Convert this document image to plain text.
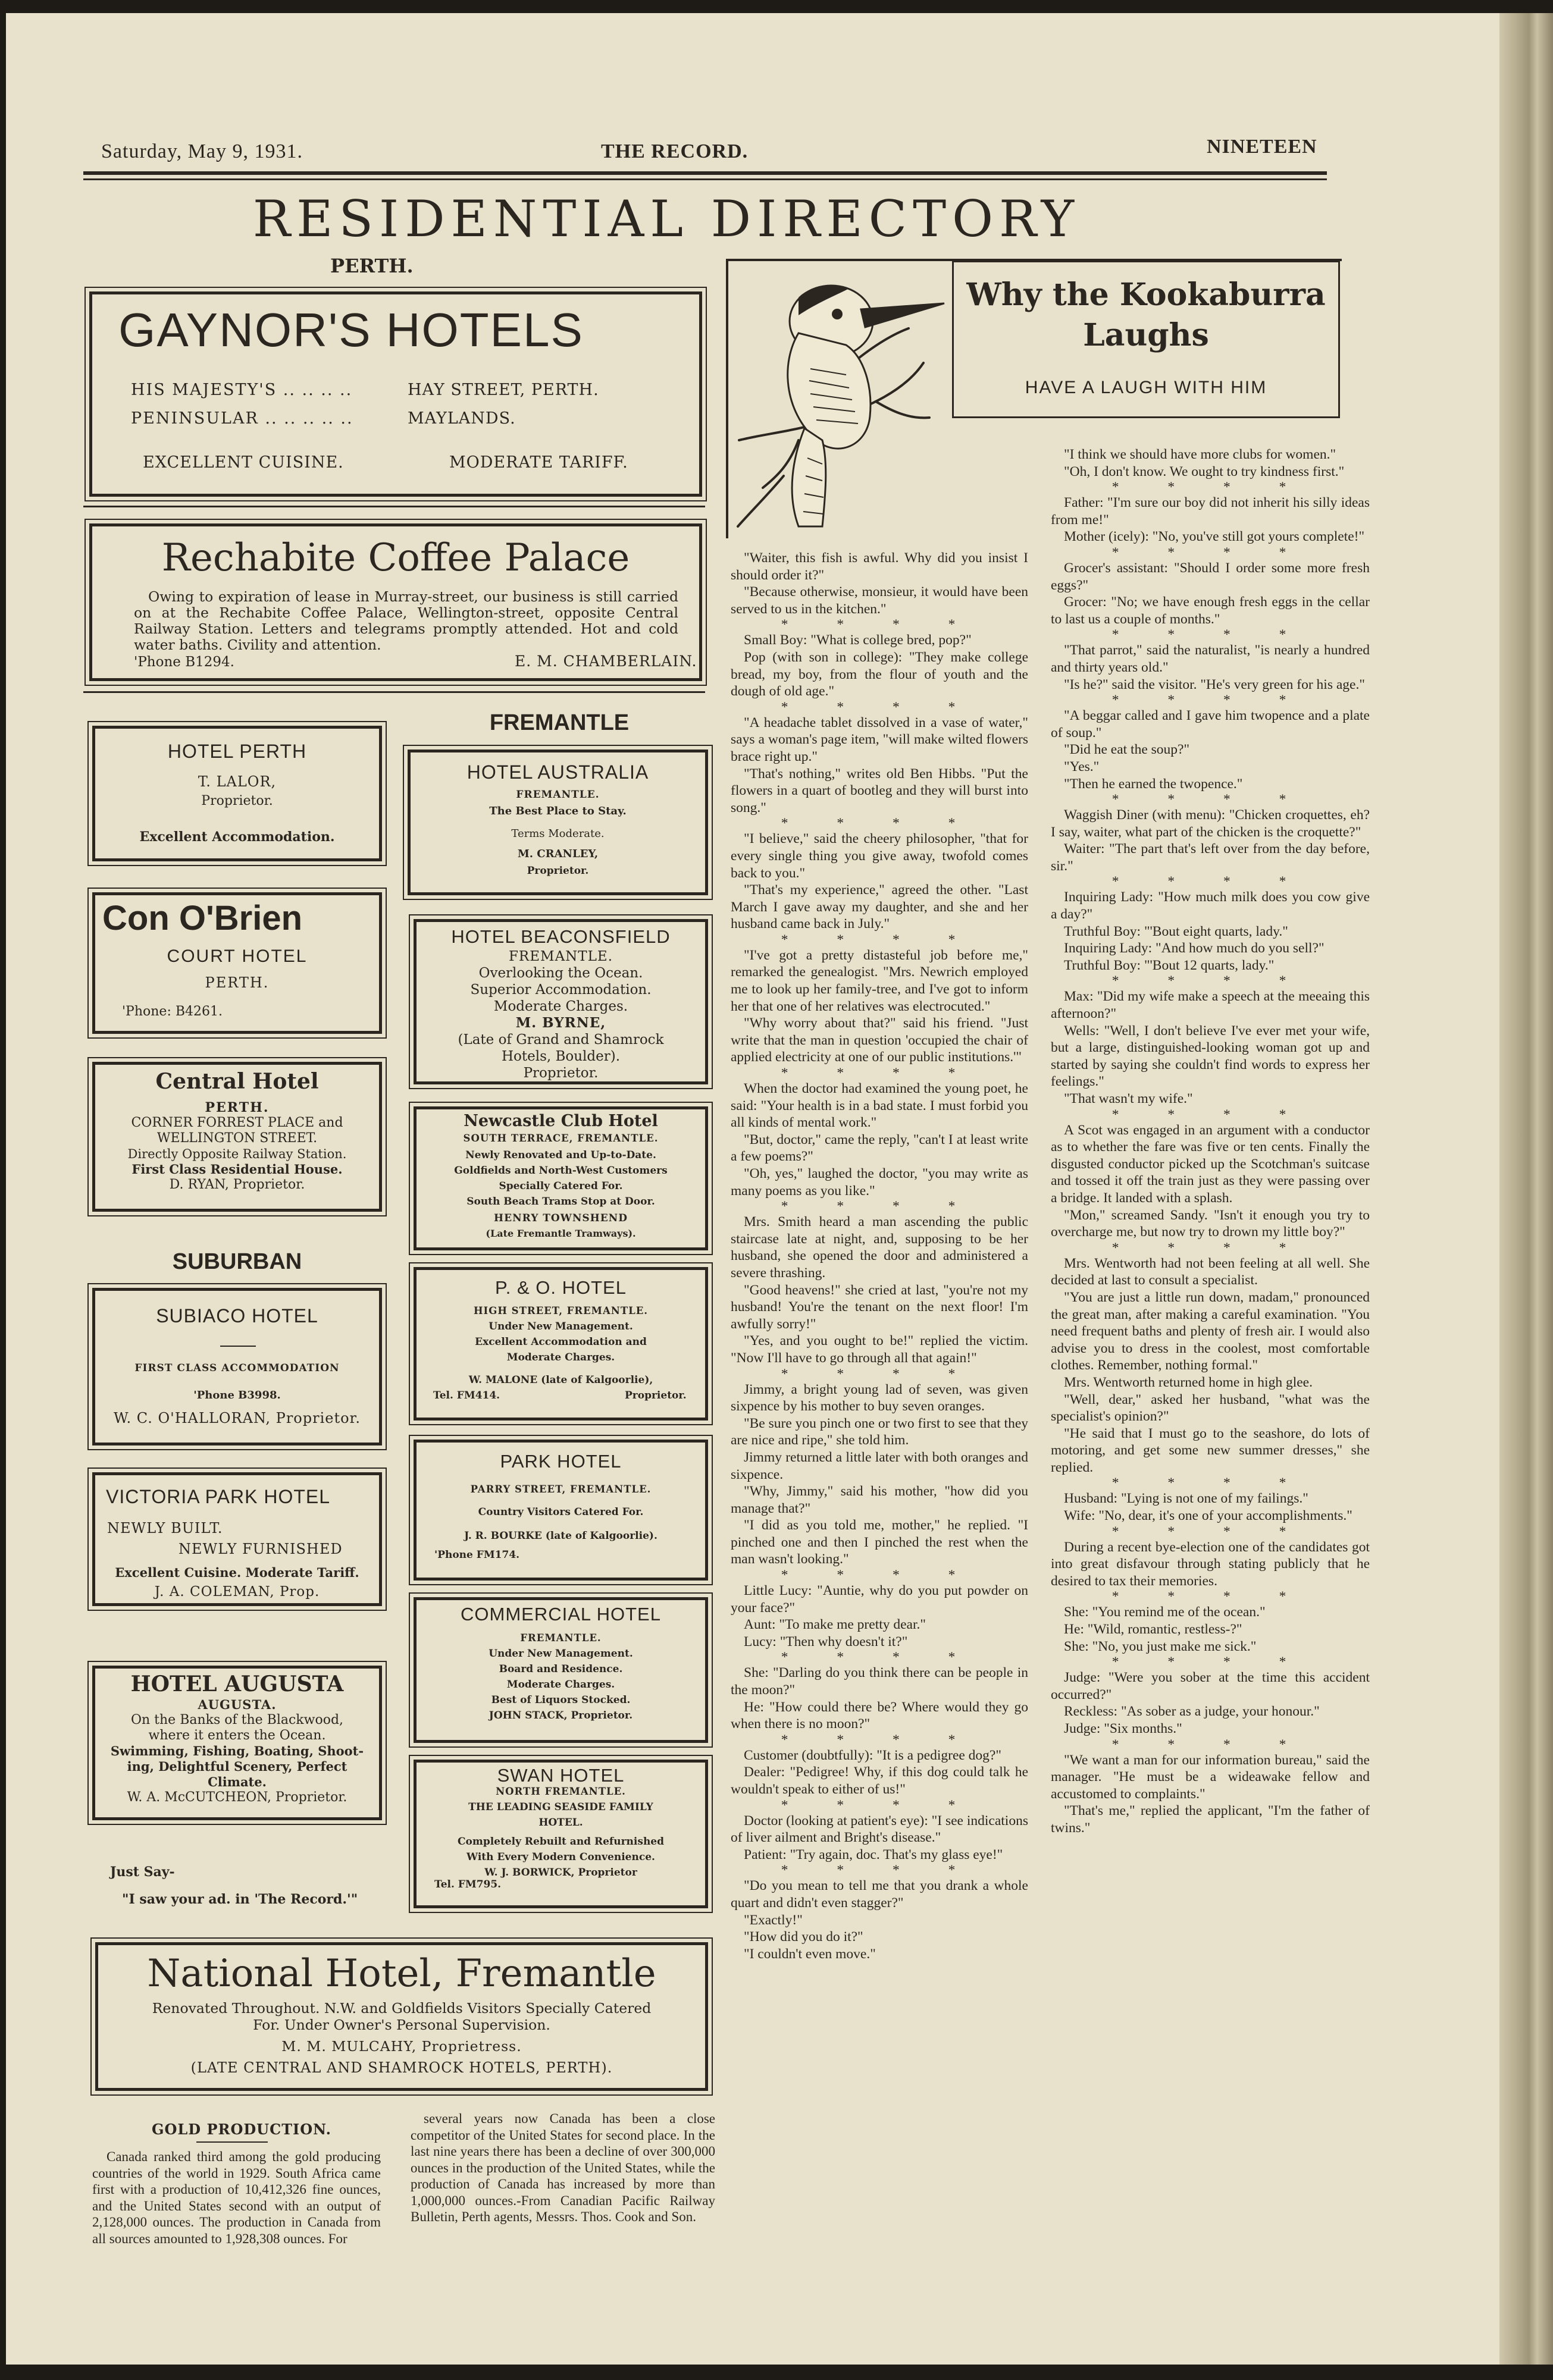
Saturday, May 9, 1931.	THE RECORD.	NINETEEN
RESIDENTIAL DIRECTORY
PERTH.
GAYNOR'S HOTELS
HIS MAJESTY'S .. .. .. ..	HAY STREET, PERTH.
PENINSULAR .. .. .. .. ..	MAYLANDS.
EXCELLENT CUISINE.	MODERATE TARIFF.
Rechabite Coffee Palace
Owing to expiration of lease in Murray-street, our business is still carried on at the Rechabite Coffee Palace, Wellington-street, opposite Central Railway Station. Letters and telegrams promptly attended. Hot and cold water baths. Civility and attention.
'Phone B1294.	E. M. CHAMBERLAIN.
HOTEL PERTH
T. LALOR,
Proprietor.
Excellent Accommodation.
Con O'Brien
COURT HOTEL
PERTH.
'Phone: B4261.
Central Hotel
PERTH.
CORNER FORREST PLACE and
WELLINGTON STREET.
Directly Opposite Railway Station.
First Class Residential House.
D. RYAN, Proprietor.
SUBURBAN
SUBIACO HOTEL
FIRST CLASS ACCOMMODATION
'Phone B3998.
W. C. O'HALLORAN, Proprietor.
VICTORIA PARK HOTEL
NEWLY BUILT.
NEWLY FURNISHED
Excellent Cuisine. Moderate Tariff.
J. A. COLEMAN, Prop.
HOTEL AUGUSTA
AUGUSTA.
On the Banks of the Blackwood,
where it enters the Ocean.
Swimming, Fishing, Boating, Shoot-
ing, Delightful Scenery, Perfect
Climate.
W. A. McCUTCHEON, Proprietor.
Just Say-
"I saw your ad. in 'The Record.'"
FREMANTLE
HOTEL AUSTRALIA
FREMANTLE.
The Best Place to Stay.
Terms Moderate.
M. CRANLEY,
Proprietor.
HOTEL BEACONSFIELD
FREMANTLE.
Overlooking the Ocean.
Superior Accommodation.
Moderate Charges.
M. BYRNE,
(Late of Grand and Shamrock
Hotels, Boulder).
Proprietor.
Newcastle Club Hotel
SOUTH TERRACE, FREMANTLE.
Newly Renovated and Up-to-Date.
Goldfields and North-West Customers
Specially Catered For.
South Beach Trams Stop at Door.
HENRY TOWNSHEND
(Late Fremantle Tramways).
P. & O. HOTEL
HIGH STREET, FREMANTLE.
Under New Management.
Excellent Accommodation and
Moderate Charges.
W. MALONE (late of Kalgoorlie),
Tel. FM414.	Proprietor.
PARK HOTEL
PARRY STREET, FREMANTLE.
Country Visitors Catered For.
J. R. BOURKE (late of Kalgoorlie).
'Phone FM174.
COMMERCIAL HOTEL
FREMANTLE.
Under New Management.
Board and Residence.
Moderate Charges.
Best of Liquors Stocked.
JOHN STACK, Proprietor.
SWAN HOTEL
NORTH FREMANTLE.
THE LEADING SEASIDE FAMILY
HOTEL.
Completely Rebuilt and Refurnished
With Every Modern Convenience.
W. J. BORWICK, Proprietor
Tel. FM795.
National Hotel, Fremantle
Renovated Throughout. N.W. and Goldfields Visitors Specially Catered
For. Under Owner's Personal Supervision.
M. M. MULCAHY, Proprietress.
(LATE CENTRAL AND SHAMROCK HOTELS, PERTH).
GOLD PRODUCTION.

Canada ranked third among the gold producing countries of the world in 1929. South Africa came first with a production of 10,412,326 fine ounces, and the United States second with an output of 2,128,000 ounces. The production in Canada from all sources amounted to 1,928,308 ounces. For

several years now Canada has been a close competitor of the United States for second place. In the last nine years there has been a decline of over 300,000 ounces in the production of the United States, while the production of Canada has increased by more than 1,000,000 ounces.-From Canadian Pacific Railway Bulletin, Perth agents, Messrs. Thos. Cook and Son.

Why the Kookaburra Laughs
HAVE A LAUGH WITH HIM

"Waiter, this fish is awful. Why did you insist I should order it?"

"Because otherwise, monsieur, it would have been served to us in the kitchen."

* * * *

Small Boy: "What is college bred, pop?"

Pop (with son in college): "They make college bread, my boy, from the flour of youth and the dough of old age."

* * * *

"A headache tablet dissolved in a vase of water," says a woman's page item, "will make wilted flowers brace right up."

"That's nothing," writes old Ben Hibbs. "Put the flowers in a quart of bootleg and they will burst into song."

* * * *

"I believe," said the cheery philosopher, "that for every single thing you give away, twofold comes back to you."

"That's my experience," agreed the other. "Last March I gave away my daughter, and she and her husband came back in July."

* * * *

"I've got a pretty distasteful job before me," remarked the genealogist. "Mrs. Newrich employed me to look up her family-tree, and I've got to inform her that one of her relatives was electrocuted."

"Why worry about that?" said his friend. "Just write that the man in question 'occupied the chair of applied electricity at one of our public institutions.'"

* * * *

When the doctor had examined the young poet, he said: "Your health is in a bad state. I must forbid you all kinds of mental work."

"But, doctor," came the reply, "can't I at least write a few poems?"

"Oh, yes," laughed the doctor, "you may write as many poems as you like."

* * * *

Mrs. Smith heard a man ascending the public staircase late at night, and, supposing to be her husband, she opened the door and administered a severe thrashing.

"Good heavens!" she cried at last, "you're not my husband! You're the tenant on the next floor! I'm awfully sorry!"

"Yes, and you ought to be!" replied the victim. "Now I'll have to go through all that again!"

* * * *

Jimmy, a bright young lad of seven, was given sixpence by his mother to buy seven oranges.

"Be sure you pinch one or two first to see that they are nice and ripe," she told him.

Jimmy returned a little later with both oranges and sixpence.

"Why, Jimmy," said his mother, "how did you manage that?"

"I did as you told me, mother," he replied. "I pinched one and then I pinched the rest when the man wasn't looking."

* * * *

Little Lucy: "Auntie, why do you put powder on your face?"

Aunt: "To make me pretty dear."

Lucy: "Then why doesn't it?"

* * * *

She: "Darling do you think there can be people in the moon?"

He: "How could there be? Where would they go when there is no moon?"

* * * *

Customer (doubtfully): "It is a pedigree dog?"

Dealer: "Pedigree! Why, if this dog could talk he wouldn't speak to either of us!"

* * * *

Doctor (looking at patient's eye): "I see indications of liver ailment and Bright's disease."

Patient: "Try again, doc. That's my glass eye!"

* * * *

"Do you mean to tell me that you drank a whole quart and didn't even stagger?"

"Exactly!"

"How did you do it?"

"I couldn't even move."

"I think we should have more clubs for women."

"Oh, I don't know. We ought to try kindness first."

* * * *

Father: "I'm sure our boy did not inherit his silly ideas from me!"

Mother (icely): "No, you've still got yours complete!"

* * * *

Grocer's assistant: "Should I order some more fresh eggs?"

Grocer: "No; we have enough fresh eggs in the cellar to last us a couple of months."

* * * *

"That parrot," said the naturalist, "is nearly a hundred and thirty years old."

"Is he?" said the visitor. "He's very green for his age."

* * * *

"A beggar called and I gave him twopence and a plate of soup."

"Did he eat the soup?"

"Yes."

"Then he earned the twopence."

* * * *

Waggish Diner (with menu): "Chicken croquettes, eh? I say, waiter, what part of the chicken is the croquette?"

Waiter: "The part that's left over from the day before, sir."

* * * *

Inquiring Lady: "How much milk does you cow give a day?"

Truthful Boy: "'Bout eight quarts, lady."

Inquiring Lady: "And how much do you sell?"

Truthful Boy: "'Bout 12 quarts, lady."

* * * *

Max: "Did my wife make a speech at the meeaing this afternoon?"

Wells: "Well, I don't believe I've ever met your wife, but a large, distinguished-looking woman got up and started by saying she couldn't find words to express her feelings."

"That wasn't my wife."

* * * *

A Scot was engaged in an argument with a conductor as to whether the fare was five or ten cents. Finally the disgusted conductor picked up the Scotchman's suitcase and tossed it off the train just as they were passing over a bridge. It landed with a splash.

"Mon," screamed Sandy. "Isn't it enough you try to overcharge me, but now try to drown my little boy?"

* * * *

Mrs. Wentworth had not been feeling at all well. She decided at last to consult a specialist.

"You are just a little run down, madam," pronounced the great man, after making a careful examination. "You need frequent baths and plenty of fresh air. I would also advise you to dress in the coolest, most comfortable clothes. Remember, nothing formal."

Mrs. Wentworth returned home in high glee.

"Well, dear," asked her husband, "what was the specialist's opinion?"

"He said that I must go to the seashore, do lots of motoring, and get some new summer dresses," she replied.

* * * *

Husband: "Lying is not one of my failings."

Wife: "No, dear, it's one of your accomplishments."

* * * *

During a recent bye-election one of the candidates got into great disfavour through stating publicly that he desired to tax their memories.

* * * *

She: "You remind me of the ocean."

He: "Wild, romantic, restless-?"

She: "No, you just make me sick."

* * * *

Judge: "Were you sober at the time this accident occurred?"

Reckless: "As sober as a judge, your honour."

Judge: "Six months."

* * * *

"We want a man for our information bureau," said the manager. "He must be a wideawake fellow and accustomed to complaints."

"That's me," replied the applicant, "I'm the father of twins."
